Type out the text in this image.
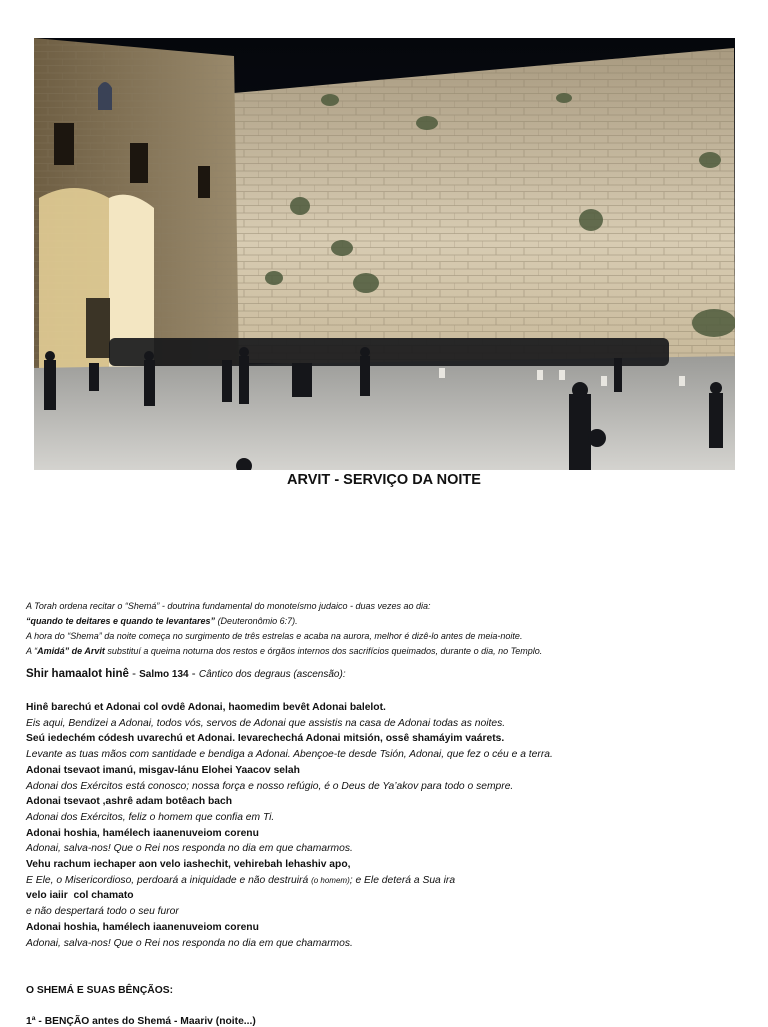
ARVIT - SERVIÇO DA NOITE
A Torah ordena recitar o “Shemá” - doutrina fundamental do monoteísmo judaico - duas vezes ao dia:
“quando te deitares e quando te levantares” (Deuteronômio 6:7).
A hora do “Shema” da noite começa no surgimento de três estrelas e acaba na aurora, melhor é dizê-lo antes de meia-noite.
A “Amidá” de Arvit substituí a queima noturna dos restos e órgãos internos dos sacrifícios queimados, durante o dia, no Templo.
Shir hamaalot hinê - Salmo 134 - Cântico dos degraus (ascensão):
Hinê barechú et Adonai col ovdê Adonai, haomedim bevêt Adonai balelot.
Eis aqui, Bendizei a Adonai, todos vós, servos de Adonai que assistis na casa de Adonai todas as noites.
Seú iedechém códesh uvarechú et Adonai. Ievarechechá Adonai mitsión, ossê shamáyim vaárets.
Levante as tuas mãos com santidade e bendiga a Adonai. Abençoe-te desde Tsión, Adonai, que fez o céu e a terra.
Adonai tsevaot imanú, misgav-lánu Elohei Yaacov selah
Adonai dos Exércitos está conosco; nossa força e nosso refúgio, é o Deus de Ya’akov para todo o sempre.
Adonai tsevaot ,ashrê adam botêach bach
Adonai dos Exércitos, feliz o homem que confia em Ti.
Adonai hoshia, hamélech iaanenuveiom corenu
Adonai, salva-nos! Que o Rei nos responda no dia em que chamarmos.
Vehu rachum iechaper aon velo iashechit, vehirebah lehashiv apo,
E Ele, o Misericordioso, perdoará a iniquidade e não destruirá (o homem); e Ele deterá a Sua ira
velo iaiir  col chamato
e não despertará todo o seu furor
Adonai hoshia, hamélech iaanenuveiom corenu
Adonai, salva-nos! Que o Rei nos responda no dia em que chamarmos.
O SHEMÁ E SUAS BÊNÇÃOS:
1ª - BENÇÃO antes do Shemá - Maariv (noite...)
